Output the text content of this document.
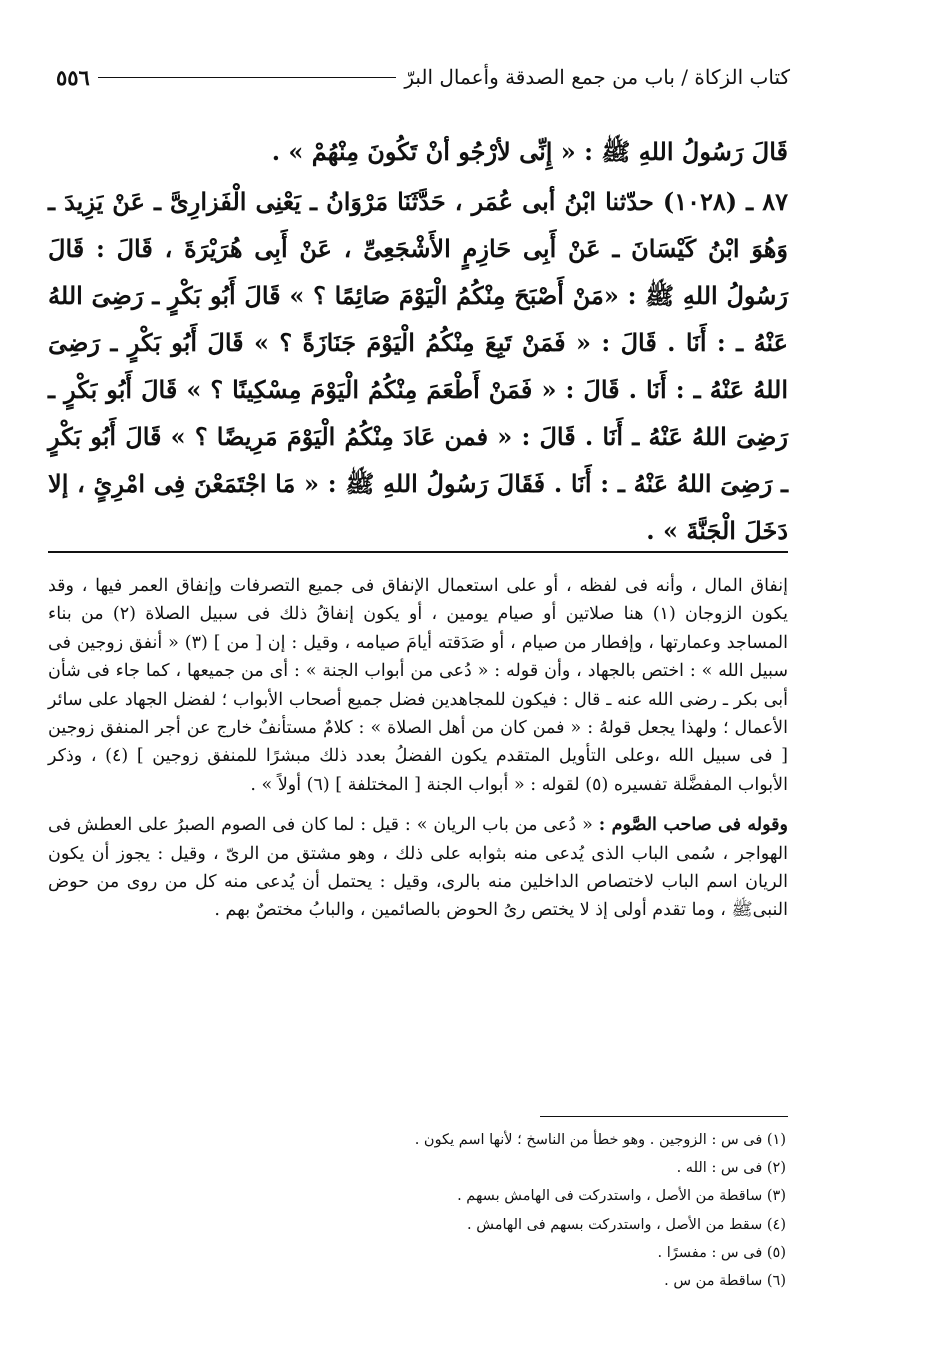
٥٥٦	كتاب الزكاة / باب من جمع الصدقة وأعمال البرّ

قَالَ رَسُولُ اللهِ ﷺ : « إِنِّى لأرْجُو أنْ تَكُونَ مِنْهُمْ » .

٨٧ ـ (١٠٢٨) حدّثنا ابْنُ أبى عُمَر ، حَدَّثَنَا مَرْوَانُ ـ يَعْنِى الْفَزارِىَّ ـ عَنْ يَزِيدَ ـ وَهُوَ ابْنُ كَيْسَانَ ـ عَنْ أَبِى حَازِمٍ الأَشْجَعِىِّ ، عَنْ أَبِى هُرَيْرَةَ ، قَالَ : قَالَ رَسُولُ اللهِ ﷺ : «مَنْ أَصْبَحَ مِنْكُمُ الْيَوْمَ صَائِمًا ؟ » قَالَ أَبُو بَكْرٍ ـ رَضِىَ اللهُ عَنْهُ ـ : أَنَا . قَالَ : « فَمَنْ تَبِعَ مِنْكُمُ الْيَوْمَ جَنَازَةً ؟ » قَالَ أَبُو بَكْرٍ ـ رَضِىَ اللهُ عَنْهُ ـ : أَنَا . قَالَ : « فَمَنْ أَطْعَمَ مِنْكُمُ الْيَوْمَ مِسْكِينًا ؟ » قَالَ أَبُو بَكْرٍ ـ رَضِىَ اللهُ عَنْهُ ـ أَنَا . قَالَ : « فمن عَادَ مِنْكُمُ الْيَوْمَ مَرِيضًا ؟ » قَالَ أَبُو بَكْرٍ ـ رَضِىَ اللهُ عَنْهُ ـ : أَنَا . فَقَالَ رَسُولُ اللهِ ﷺ : « مَا اجْتَمَعْنَ فِى امْرِئٍ ، إلا دَخَلَ الْجَنَّةَ » .

إنفاق المال ، وأنه فى لفظه ، أو على استعمال الإنفاق فى جميع التصرفات وإنفاق العمر فيها ، وقد يكون الزوجان (١) هنا صلاتين أو صيام يومين ، أو يكون إنفاقُ ذلك فى سبيل الصلاة (٢) من بناء المساجد وعمارتها ، وإفطار من صيام ، أو صَدَقته أيامَ صيامه ، وقيل : إن [ من ] (٣) « أنفق زوجين فى سبيل الله » : اختص بالجهاد ، وأن قوله : « دُعى من أبواب الجنة » : أى من جميعها ، كما جاء فى شأن أبى بكر ـ رضى الله عنه ـ قال : فيكون للمجاهدين فضل جميع أصحاب الأبواب ؛ لفضل الجهاد على سائر الأعمال ؛ ولهذا يجعل قولهُ : « فمن كان من أهل الصلاة » : كلامٌ مستأنفٌ خارج عن أجر المنفق زوجين [ فى سبيل الله ،وعلى التأويل المتقدم يكون الفضلُ بعدد ذلك مبشرًا للمنفق زوجين ] (٤) ، وذكر الأبواب المفضَّلة تفسيره (٥) لقوله : « أبواب الجنة [ المختلفة ] (٦) أولاً » .

وقوله فى صاحب الصَّوم : « دُعى من باب الريان » : قيل : لما كان فى الصوم الصبرُ على العطش فى الهواجر ، سُمى الباب الذى يُدعى منه بثوابه على ذلك ، وهو مشتق من الرىّ ، وقيل : يجوز أن يكون الريان اسم الباب لاختصاص الداخلين منه بالرى، وقيل : يحتمل أن يُدعى منه كل من روى من حوض النبىﷺ ، وما تقدم أولى إذ لا يختص رىُ الحوض بالصائمين ، والبابُ مختصٌ بهم .

(١) فى س : الزوجين . وهو خطأ من الناسخ ؛ لأنها اسم يكون .
(٢) فى س : الله .
(٣) ساقطة من الأصل ، واستدركت فى الهامش بسهم .
(٤) سقط من الأصل ، واستدركت بسهم فى الهامش .
(٥) فى س : مفسرًا .
(٦) ساقطة من س .
